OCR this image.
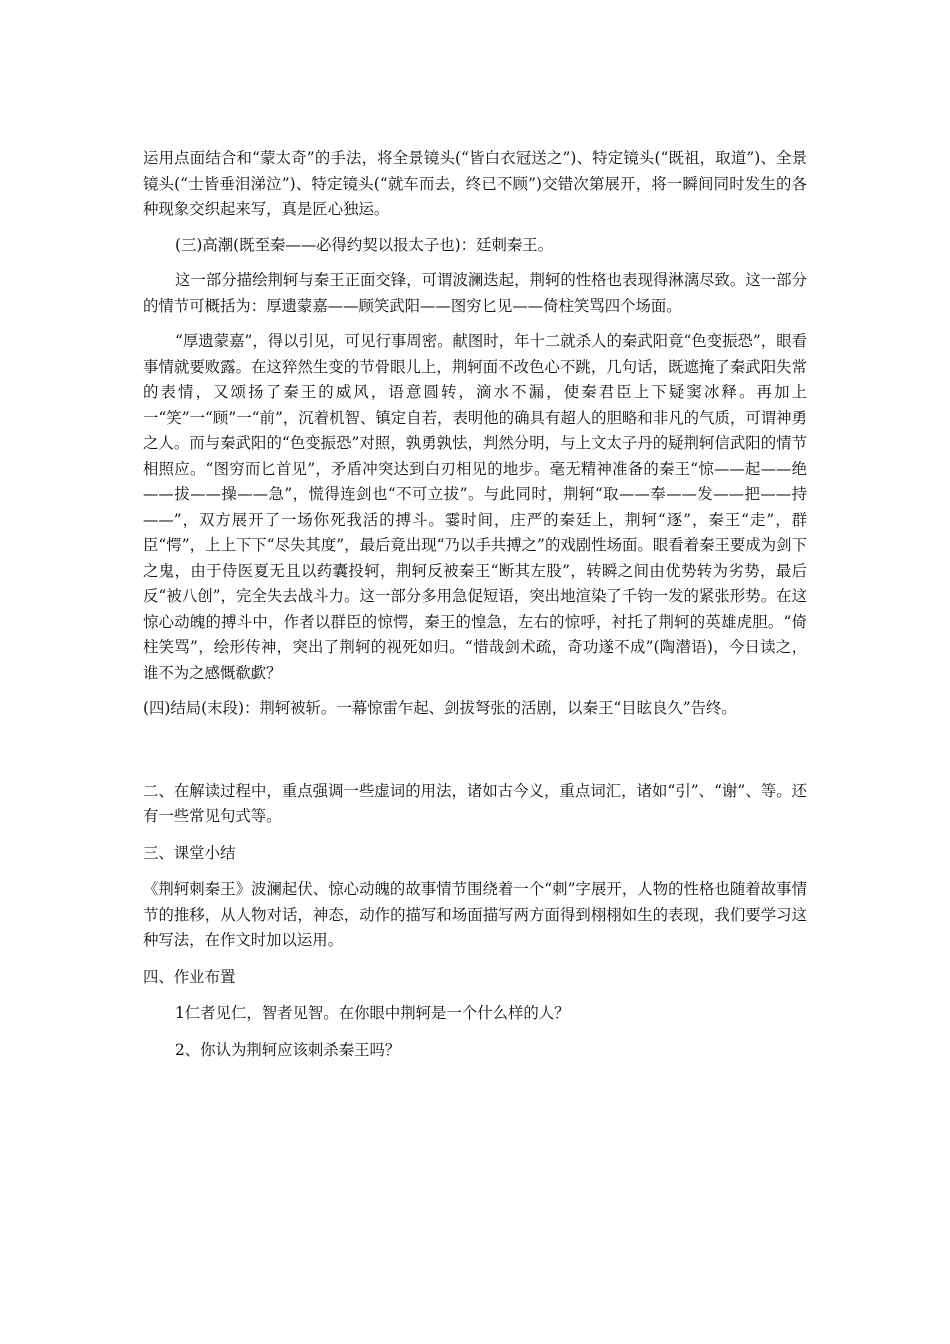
运用点面结合和“蒙太奇”的手法，将全景镜头(“皆白衣冠送之”)、特定镜头(“既祖，取道”)、全景镜头(“士皆垂泪涕泣”)、特定镜头(“就车而去，终已不顾”)交错次第展开，将一瞬间同时发生的各种现象交织起来写，真是匠心独运。

(三)高潮(既至秦——必得约契以报太子也)：廷刺秦王。

这一部分描绘荆轲与秦王正面交锋，可谓波澜迭起，荆轲的性格也表现得淋漓尽致。这一部分的情节可概括为：厚遗蒙嘉——顾笑武阳——图穷匕见——倚柱笑骂四个场面。

“厚遗蒙嘉”，得以引见，可见行事周密。献图时，年十二就杀人的秦武阳竟“色变振恐”，眼看事情就要败露。在这猝然生变的节骨眼儿上，荆轲面不改色心不跳，几句话，既遮掩了秦武阳失常的表情，又颂扬了秦王的威风，语意圆转，滴水不漏，使秦君臣上下疑窦冰释。再加上一“笑”一“顾”一“前”，沉着机智、镇定自若，表明他的确具有超人的胆略和非凡的气质，可谓神勇之人。而与秦武阳的“色变振恐”对照，孰勇孰怯，判然分明，与上文太子丹的疑荆轲信武阳的情节相照应。“图穷而匕首见”，矛盾冲突达到白刃相见的地步。毫无精神准备的秦王“惊——起——绝——拔——操——急”，慌得连剑也“不可立拔”。与此同时，荆轲“取——奉——发——把——持——”，双方展开了一场你死我活的搏斗。霎时间，庄严的秦廷上，荆轲“逐”，秦王“走”，群臣“愕”，上上下下“尽失其度”，最后竟出现“乃以手共搏之”的戏剧性场面。眼看着秦王要成为剑下之鬼，由于侍医夏无且以药囊投轲，荆轲反被秦王“断其左股”，转瞬之间由优势转为劣势，最后反“被八创”，完全失去战斗力。这一部分多用急促短语，突出地渲染了千钧一发的紧张形势。在这惊心动魄的搏斗中，作者以群臣的惊愕，秦王的惶急，左右的惊呼，衬托了荆轲的英雄虎胆。“倚柱笑骂”，绘形传神，突出了荆轲的视死如归。“惜哉剑术疏，奇功遂不成”(陶潜语)，今日读之，谁不为之感慨欷歔？

(四)结局(末段)：荆轲被斩。一幕惊雷乍起、剑拔弩张的活剧，以秦王“目眩良久”告终。

二、在解读过程中，重点强调一些虚词的用法，诸如古今义，重点词汇，诸如“引”、“谢”、等。还有一些常见句式等。

三、课堂小结

《荆轲刺秦王》波澜起伏、惊心动魄的故事情节围绕着一个“刺”字展开，人物的性格也随着故事情节的推移，从人物对话，神态，动作的描写和场面描写两方面得到栩栩如生的表现，我们要学习这种写法，在作文时加以运用。

四、作业布置

1仁者见仁，智者见智。在你眼中荆轲是一个什么样的人？

2、你认为荆轲应该刺杀秦王吗？
